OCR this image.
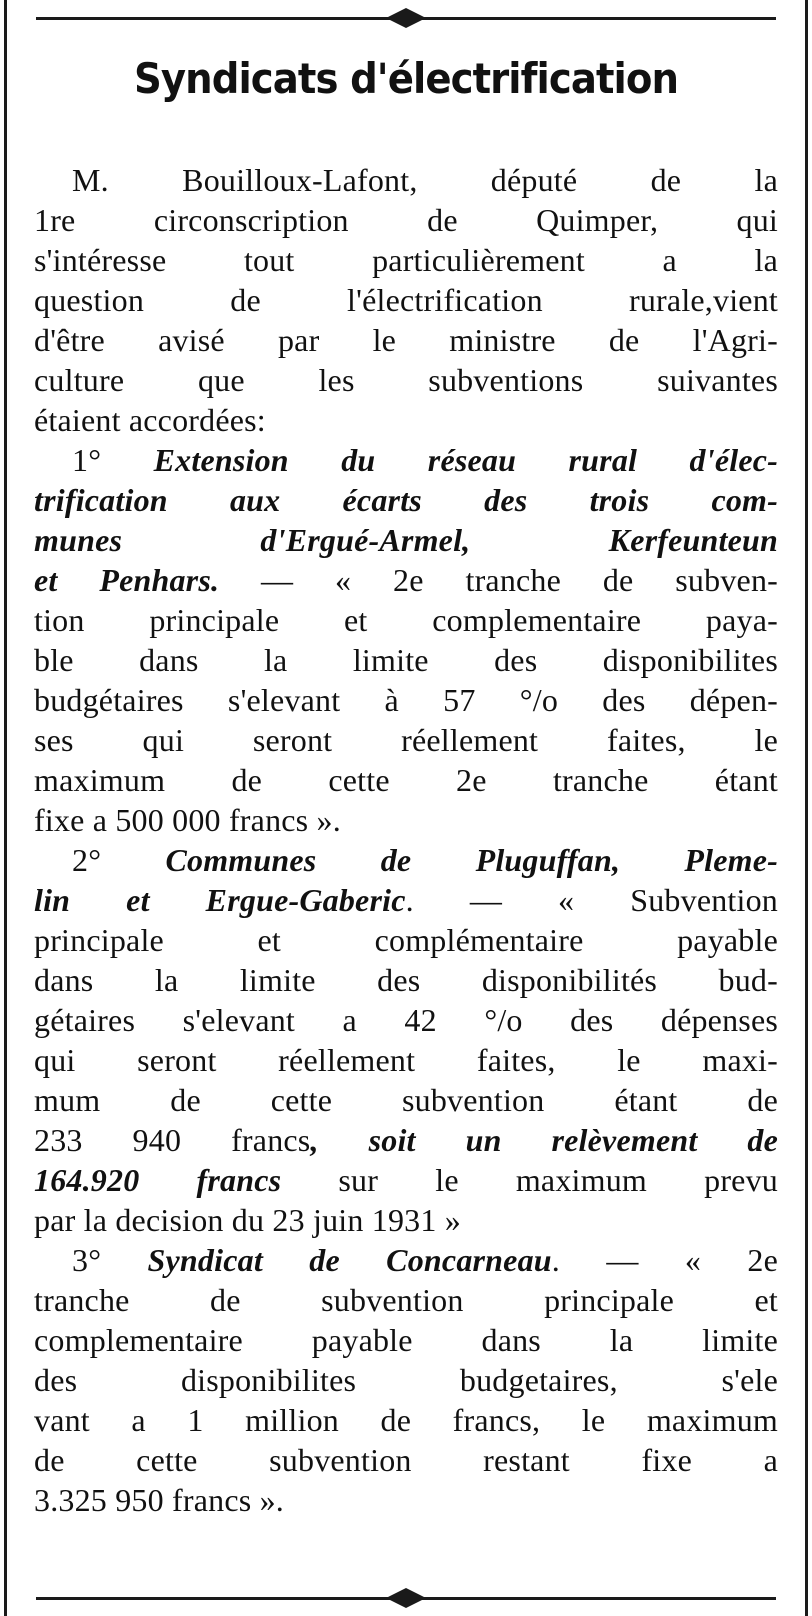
Syndicats d'électrification
M. Bouilloux-Lafont, député de la
1re circonscription de Quimper, qui
s'intéresse tout particulièrement a la
question de l'électrification rurale,vient
d'être avisé par le ministre de l'Agri-
culture que les subventions suivantes
étaient accordées:
1° Extension du réseau rural d'élec-
trification aux écarts des trois com-
munes d'Ergué-Armel, Kerfeunteun
et Penhars. — « 2e tranche de subven-
tion principale et complementaire paya-
ble dans la limite des disponibilites
budgétaires s'elevant à 57 °/o des dépen-
ses qui seront réellement faites, le
maximum de cette 2e tranche étant
fixe a 500 000 francs ».
2° Communes de Pluguffan, Pleme-
lin et Ergue-Gaberic. — « Subvention
principale et complémentaire payable
dans la limite des disponibilités bud-
gétaires s'elevant a 42 °/o des dépenses
qui seront réellement faites, le maxi-
mum de cette subvention étant de
233 940 francs, soit un relèvement de
164.920 francs sur le maximum prevu
par la decision du 23 juin 1931 »
3° Syndicat de Concarneau. — « 2e
tranche de subvention principale et
complementaire payable dans la limite
des disponibilites budgetaires, s'ele
vant a 1 million de francs, le maximum
de cette subvention restant fixe a
3.325 950 francs ».
